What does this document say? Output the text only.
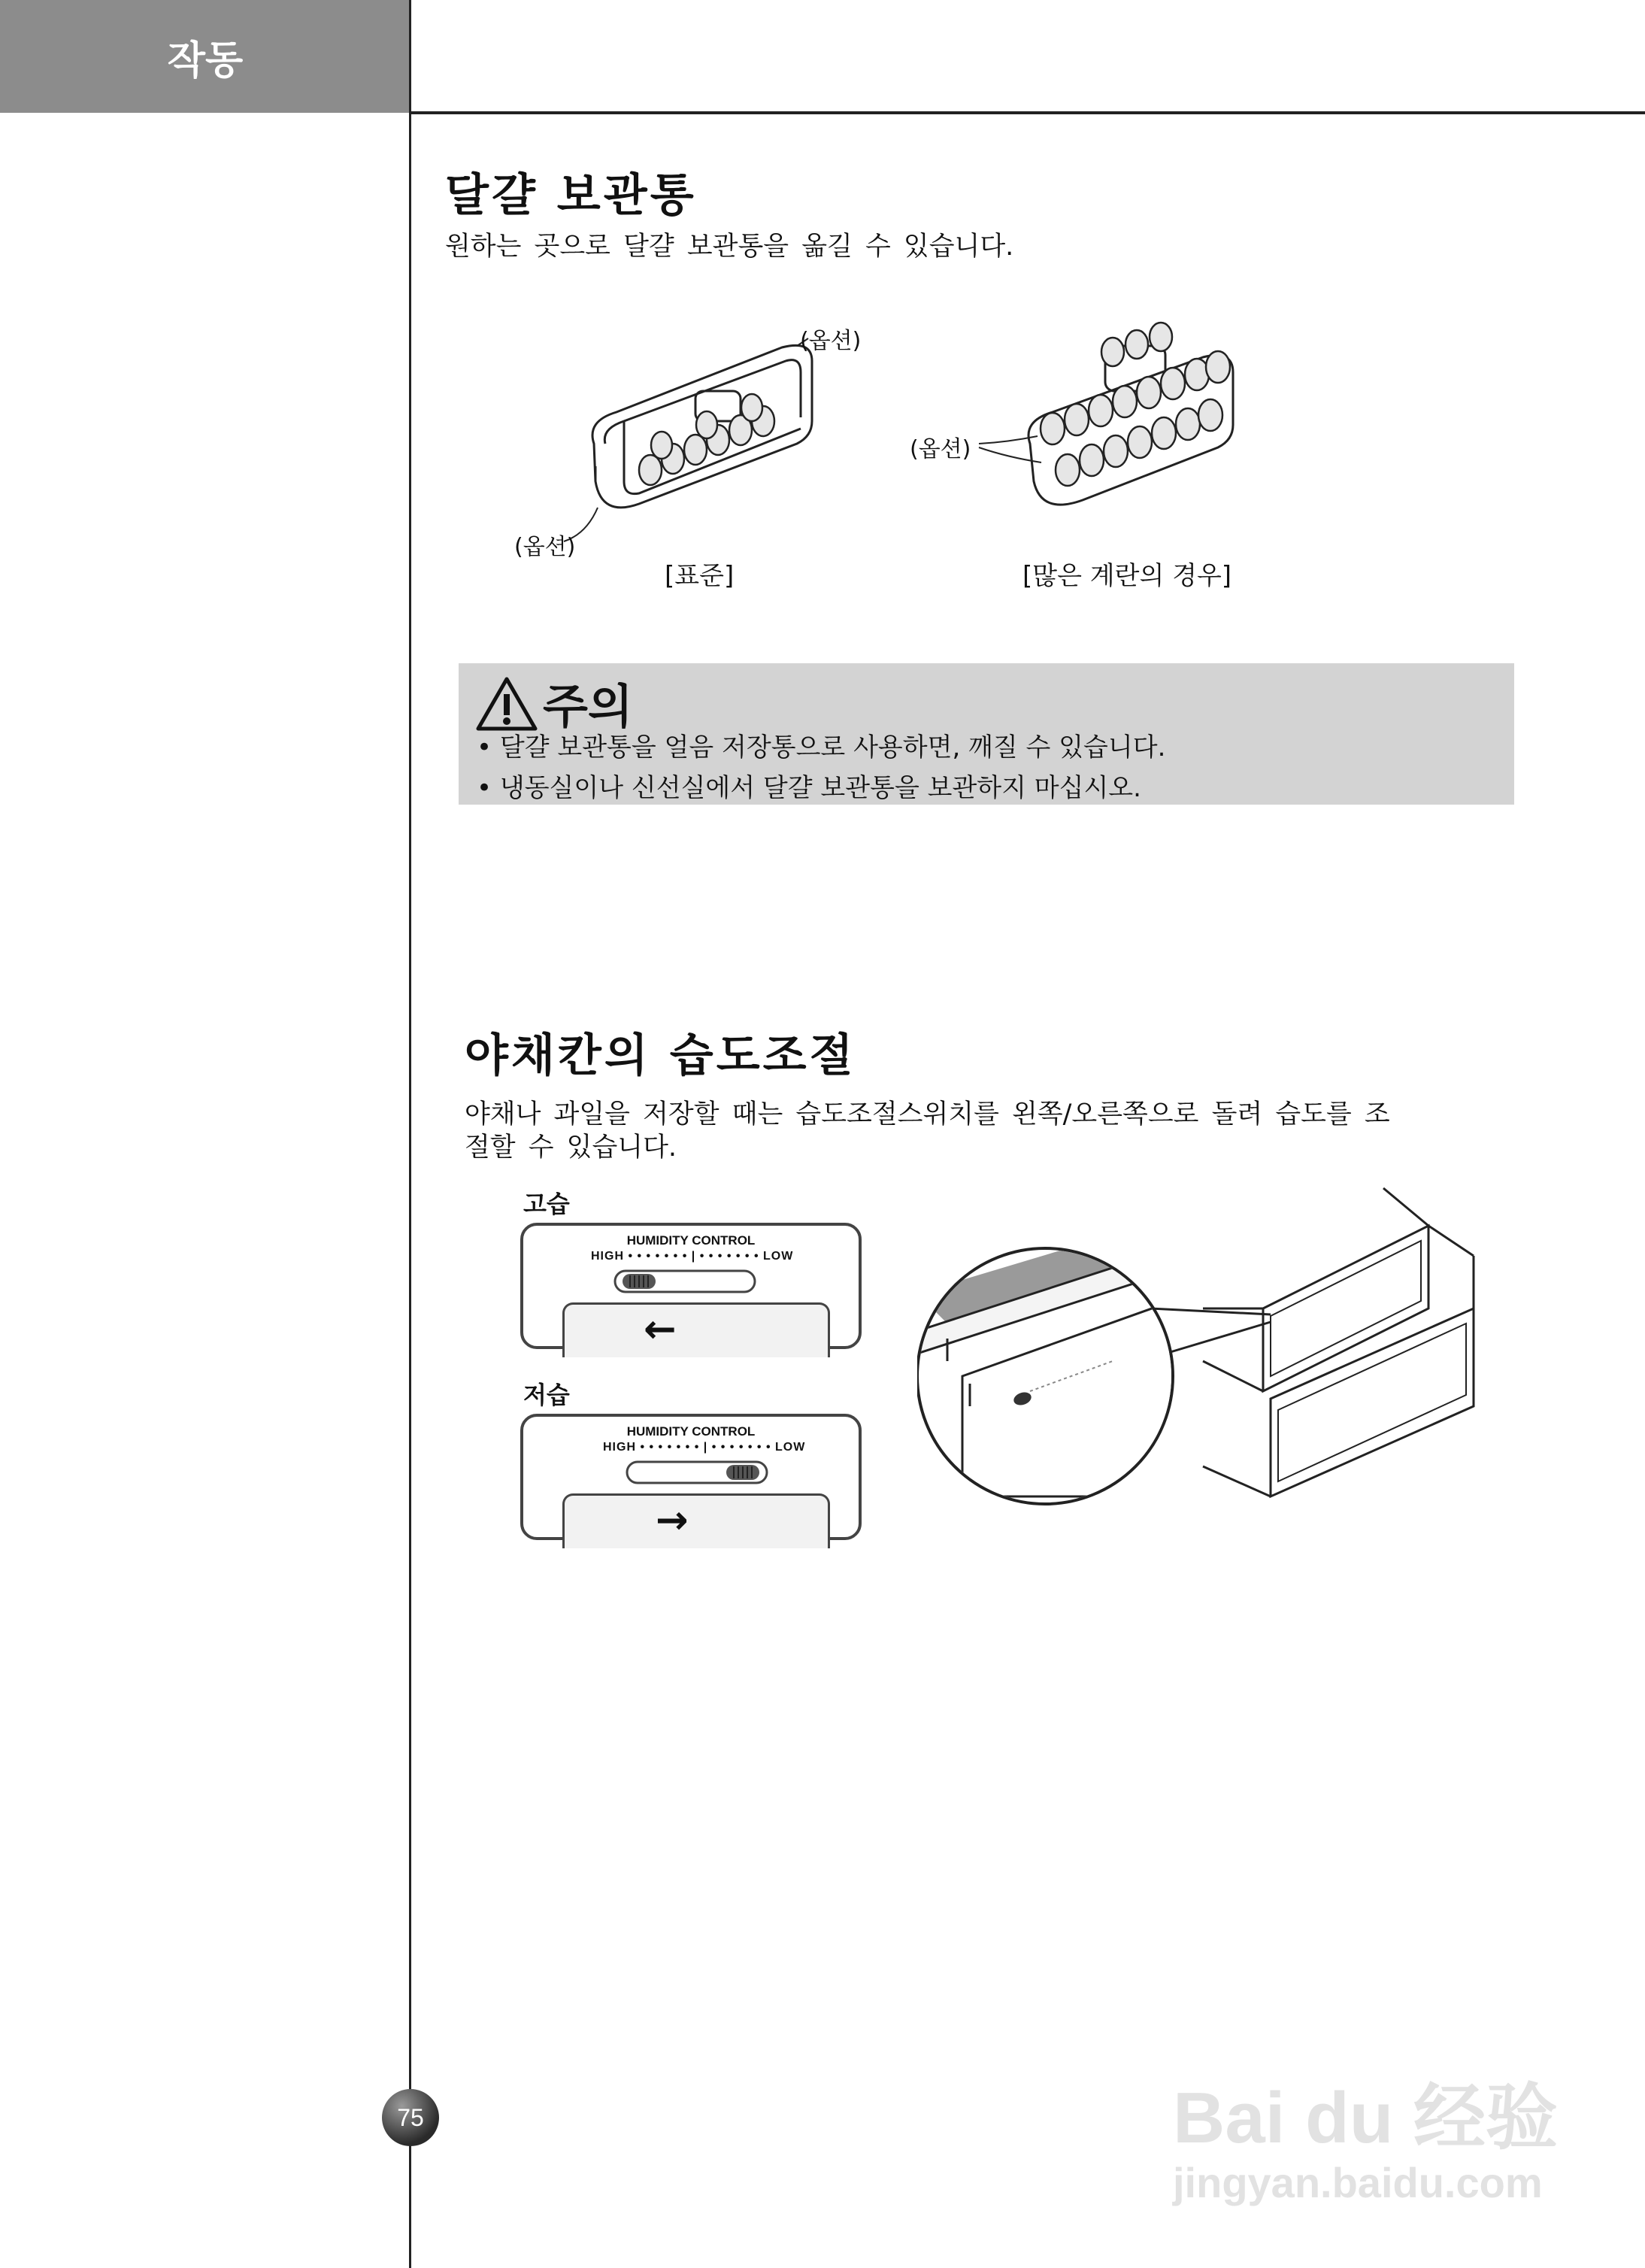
작동
달걀 보관통
원하는 곳으로 달걀 보관통을 옮길 수 있습니다.
(옵션)
(옵션)
(옵션)
[표준]	[많은 계란의 경우]
주의
• 달걀 보관통을 얼음 저장통으로 사용하면, 깨질 수 있습니다.
• 냉동실이나 신선실에서 달걀 보관통을 보관하지 마십시오.
야채칸의 습도조절
야채나 과일을 저장할 때는 습도조절스위치를 왼쪽/오른쪽으로 돌려 습도를 조
절할 수 있습니다.
고습
HUMIDITY CONTROL
HIGH • • • • • • • | • • • • • • • LOW
←
저습
HUMIDITY CONTROL
HIGH • • • • • • • | • • • • • • • LOW
→
75	Bai du 经验
jingyan.baidu.com
